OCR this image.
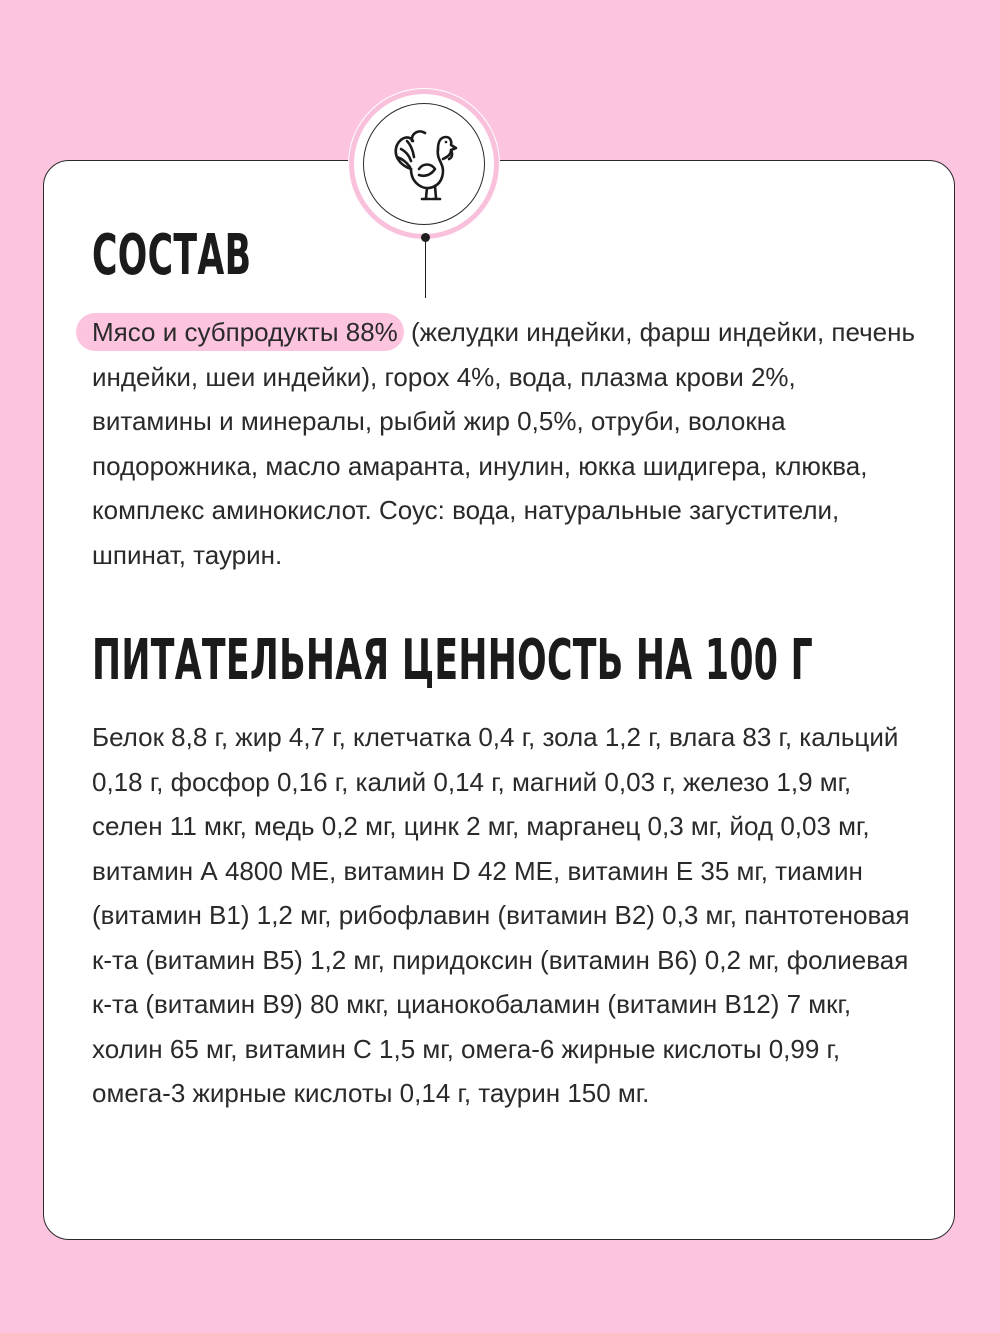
СОСТАВ

Мясо и субпродукты 88% (желудки индейки, фарш индейки, печень индейки, шеи индейки), горох 4%, вода, плазма крови 2%, витамины и минералы, рыбий жир 0,5%, отруби, волокна подорожника, масло амаранта, инулин, юкка шидигера, клюква, комплекс аминокислот. Соус: вода, натуральные загустители, шпинат, таурин.

ПИТАТЕЛЬНАЯ ЦЕННОСТЬ НА 100 Г

Белок 8,8 г, жир 4,7 г, клетчатка 0,4 г, зола 1,2 г, влага 83 г, кальций 0,18 г, фосфор 0,16 г, калий 0,14 г, магний 0,03 г, железо 1,9 мг, селен 11 мкг, медь 0,2 мг, цинк 2 мг, марганец 0,3 мг, йод 0,03 мг, витамин А 4800 МЕ, витамин D 42 МЕ, витамин Е 35 мг, тиамин (витамин B1) 1,2 мг, рибофлавин (витамин B2) 0,3 мг, пантотеновая к-та (витамин B5) 1,2 мг, пиридоксин (витамин B6) 0,2 мг, фолиевая к-та (витамин B9) 80 мкг, цианокобаламин (витамин B12) 7 мкг, холин 65 мг, витамин С 1,5 мг, омега-6 жирные кислоты 0,99 г, омега-3 жирные кислоты 0,14 г, таурин 150 мг.
